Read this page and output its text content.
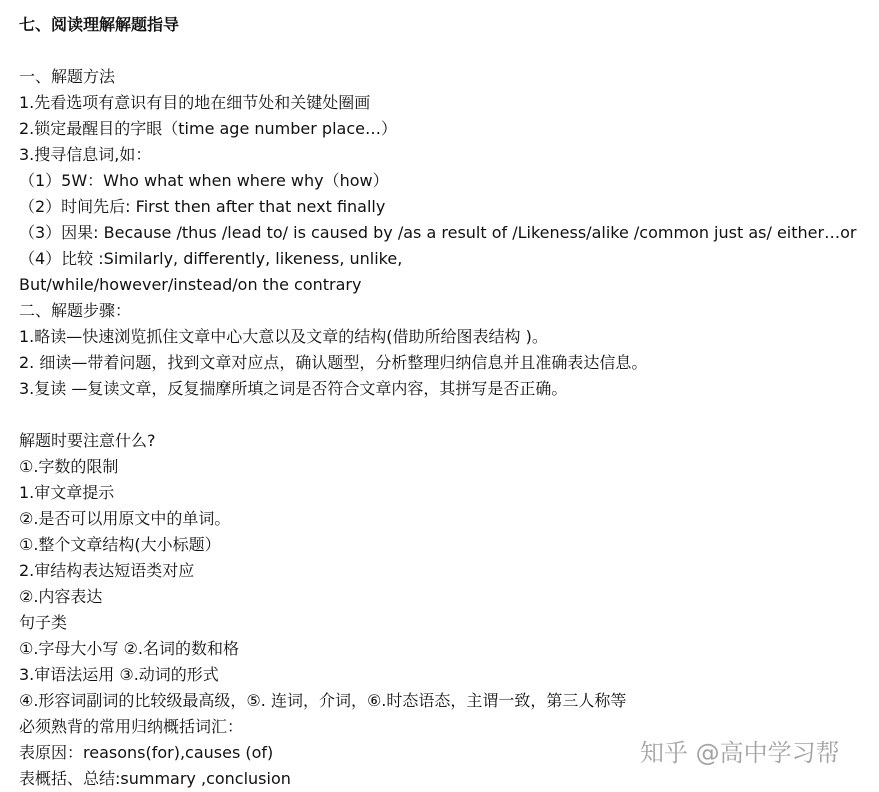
七、阅读理解解题指导
一、解题方法
1.先看选项有意识有目的地在细节处和关键处圈画
2.锁定最醒目的字眼（time age number place…）
3.搜寻信息词,如：
（1）5W：Who what when where why（how）
（2）时间先后: First then after that next finally
（3）因果: Because /thus /lead to/ is caused by /as a result of /Likeness/alike /common just as/ either…or
（4）比较 :Similarly, differently, likeness, unlike,
But/while/however/instead/on the contrary
二、解题步骤：
1.略读—快速浏览抓住文章中心大意以及文章的结构(借助所给图表结构 )。
2. 细读—带着问题，找到文章对应点，确认题型，分析整理归纳信息并且准确表达信息。
3.复读 —复读文章，反复揣摩所填之词是否符合文章内容，其拼写是否正确。
解题时要注意什么?
①.字数的限制
1.审文章提示
②.是否可以用原文中的单词。
①.整个文章结构(大小标题）
2.审结构表达短语类对应
②.内容表达
句子类
①.字母大小写 ②.名词的数和格
3.审语法运用 ③.动词的形式
④.形容词副词的比较级最高级，⑤. 连词，介词，⑥.时态语态，主谓一致，第三人称等
必须熟背的常用归纳概括词汇：
表原因：reasons(for),causes (of)
表概括、总结:summary ,conclusion
知乎 @高中学习帮
